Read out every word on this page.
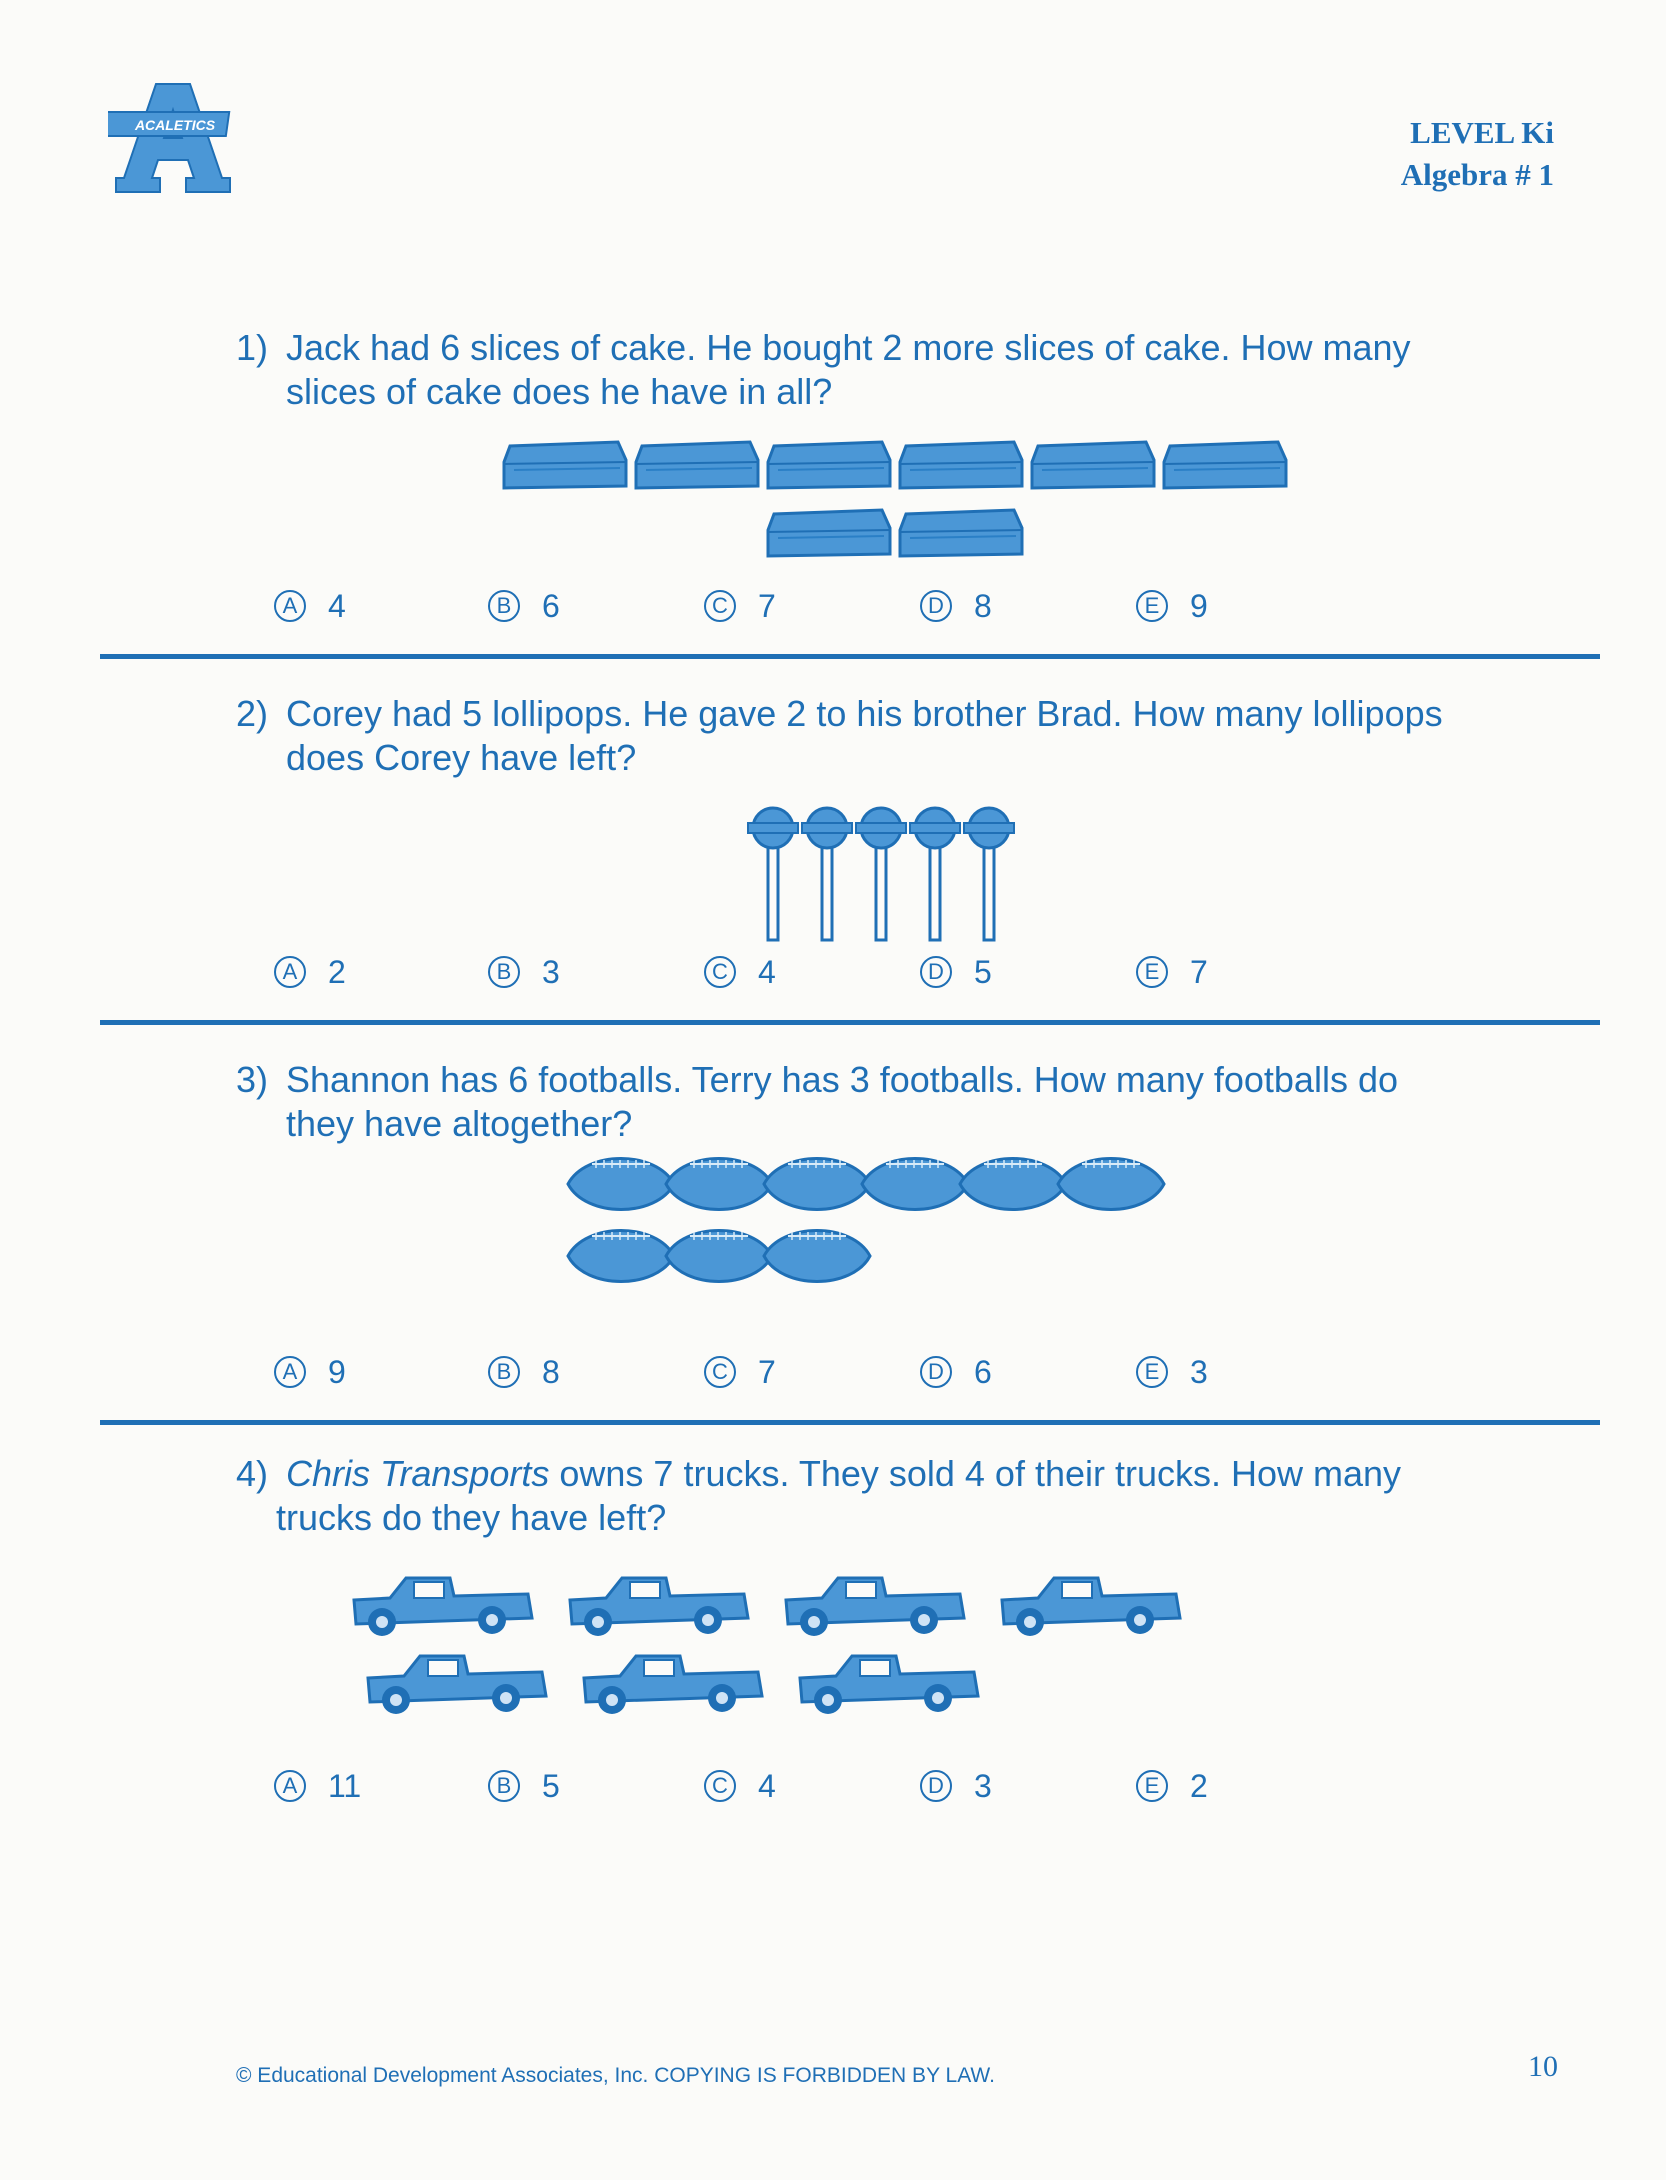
ACALETICS	LEVEL Ki
Algebra # 1
1) Jack had 6 slices of cake. He bought 2 more slices of cake. How many
slices of cake does he have in all?
A 4	B 6	C 7	D 8	E 9
2) Corey had 5 lollipops. He gave 2 to his brother Brad. How many lollipops
does Corey have left?
A 2	B 3	C 4	D 5	E 7
3) Shannon has 6 footballs. Terry has 3 footballs. How many footballs do
they have altogether?
A 9	B 8	C 7	D 6	E 3
4) Chris Transports owns 7 trucks. They sold 4 of their trucks. How many
trucks do they have left?
A 11	B 5	C 4	D 3	E 2
© Educational Development Associates, Inc. COPYING IS FORBIDDEN BY LAW.	10
